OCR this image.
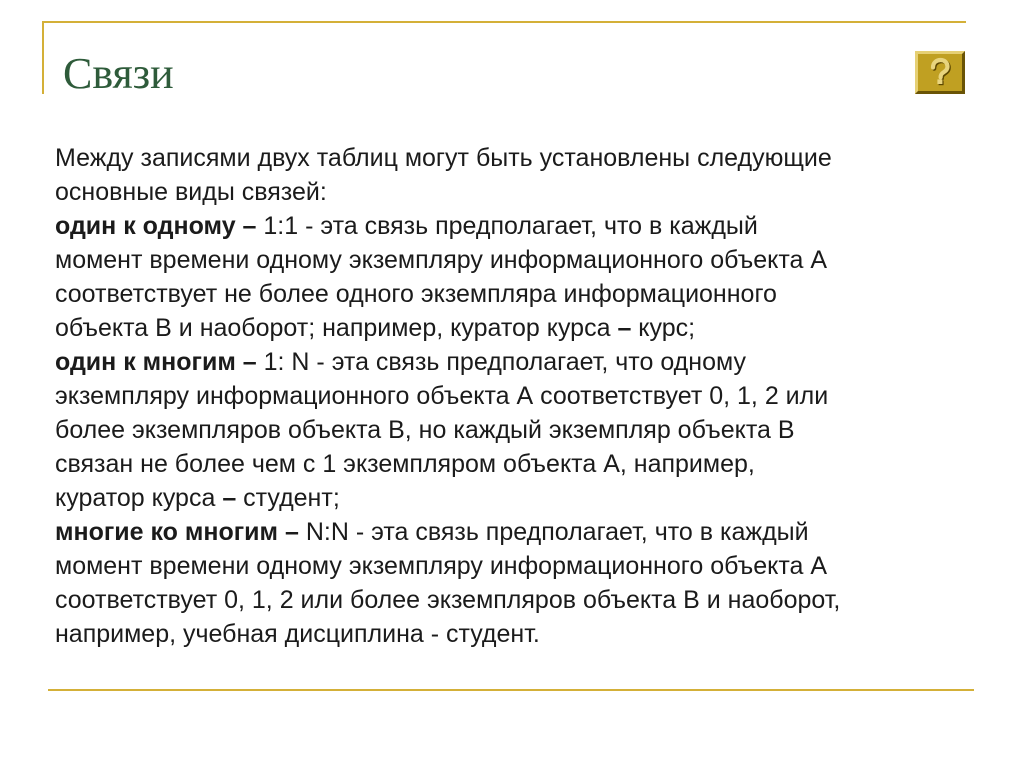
Связи

Между записями двух таблиц могут быть установлены следующие

основные виды связей:

один к одному – 1:1 - эта связь предполагает, что в каждый

момент времени одному экземпляру информационного объекта А

соответствует не более одного экземпляра информационного

объекта В и наоборот; например, куратор курса – курс;

один к многим – 1: N - эта связь предполагает, что одному

экземпляру информационного объекта А соответствует 0, 1, 2 или

более экземпляров объекта В, но каждый экземпляр объекта В

связан не более чем с 1 экземпляром объекта А, например,

куратор курса – студент;

многие ко многим – N:N - эта связь предполагает, что в каждый

момент времени одному экземпляру информационного объекта А

соответствует 0, 1, 2 или более экземпляров объекта В и наоборот,

например, учебная дисциплина - студент.
